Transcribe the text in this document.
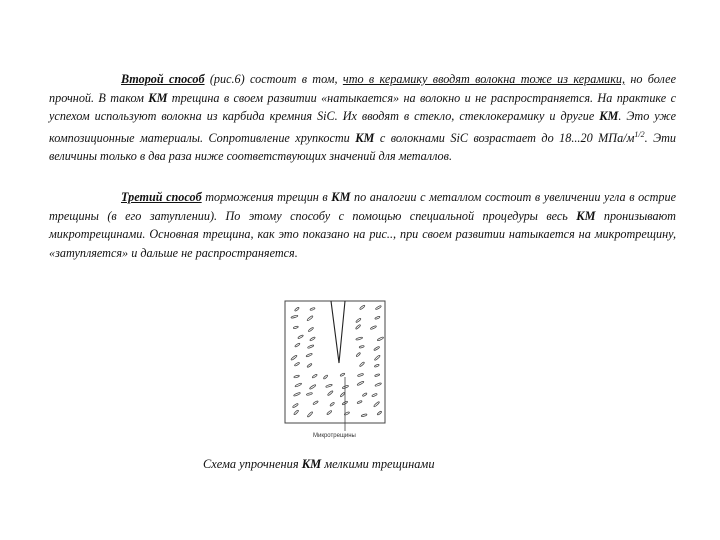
Второй способ (рис.6) состоит в том, что в керамику вводят волокна тоже из керамики, но более прочной. В таком КМ трещина в своем развитии «натыкается» на волокно и не распространяется. На практике с успехом используют волокна из карбида кремния SiC. Их вводят в стекло, стеклокерамику и другие КМ. Это уже композиционные материалы. Сопротивление хрупкости КМ с волокнами SiC возрастает до 18...20 МПа/$м^{1/2}$. Эти величины только в два раза ниже соответствующих значений для металлов.
Третий способ торможения трещин в КМ по аналогии с металлом состоит в увеличении угла в острие трещины (в его затуплении). По этому способу с помощью специальной процедуры весь КМ пронизывают микротрещинами. Основная трещина, как это показано на рис.., при своем развитии натыкается на микротрещину, «затупляется» и дальше не распространяется.
Микротрещины
Схема упрочнения КМ мелкими трещинами
